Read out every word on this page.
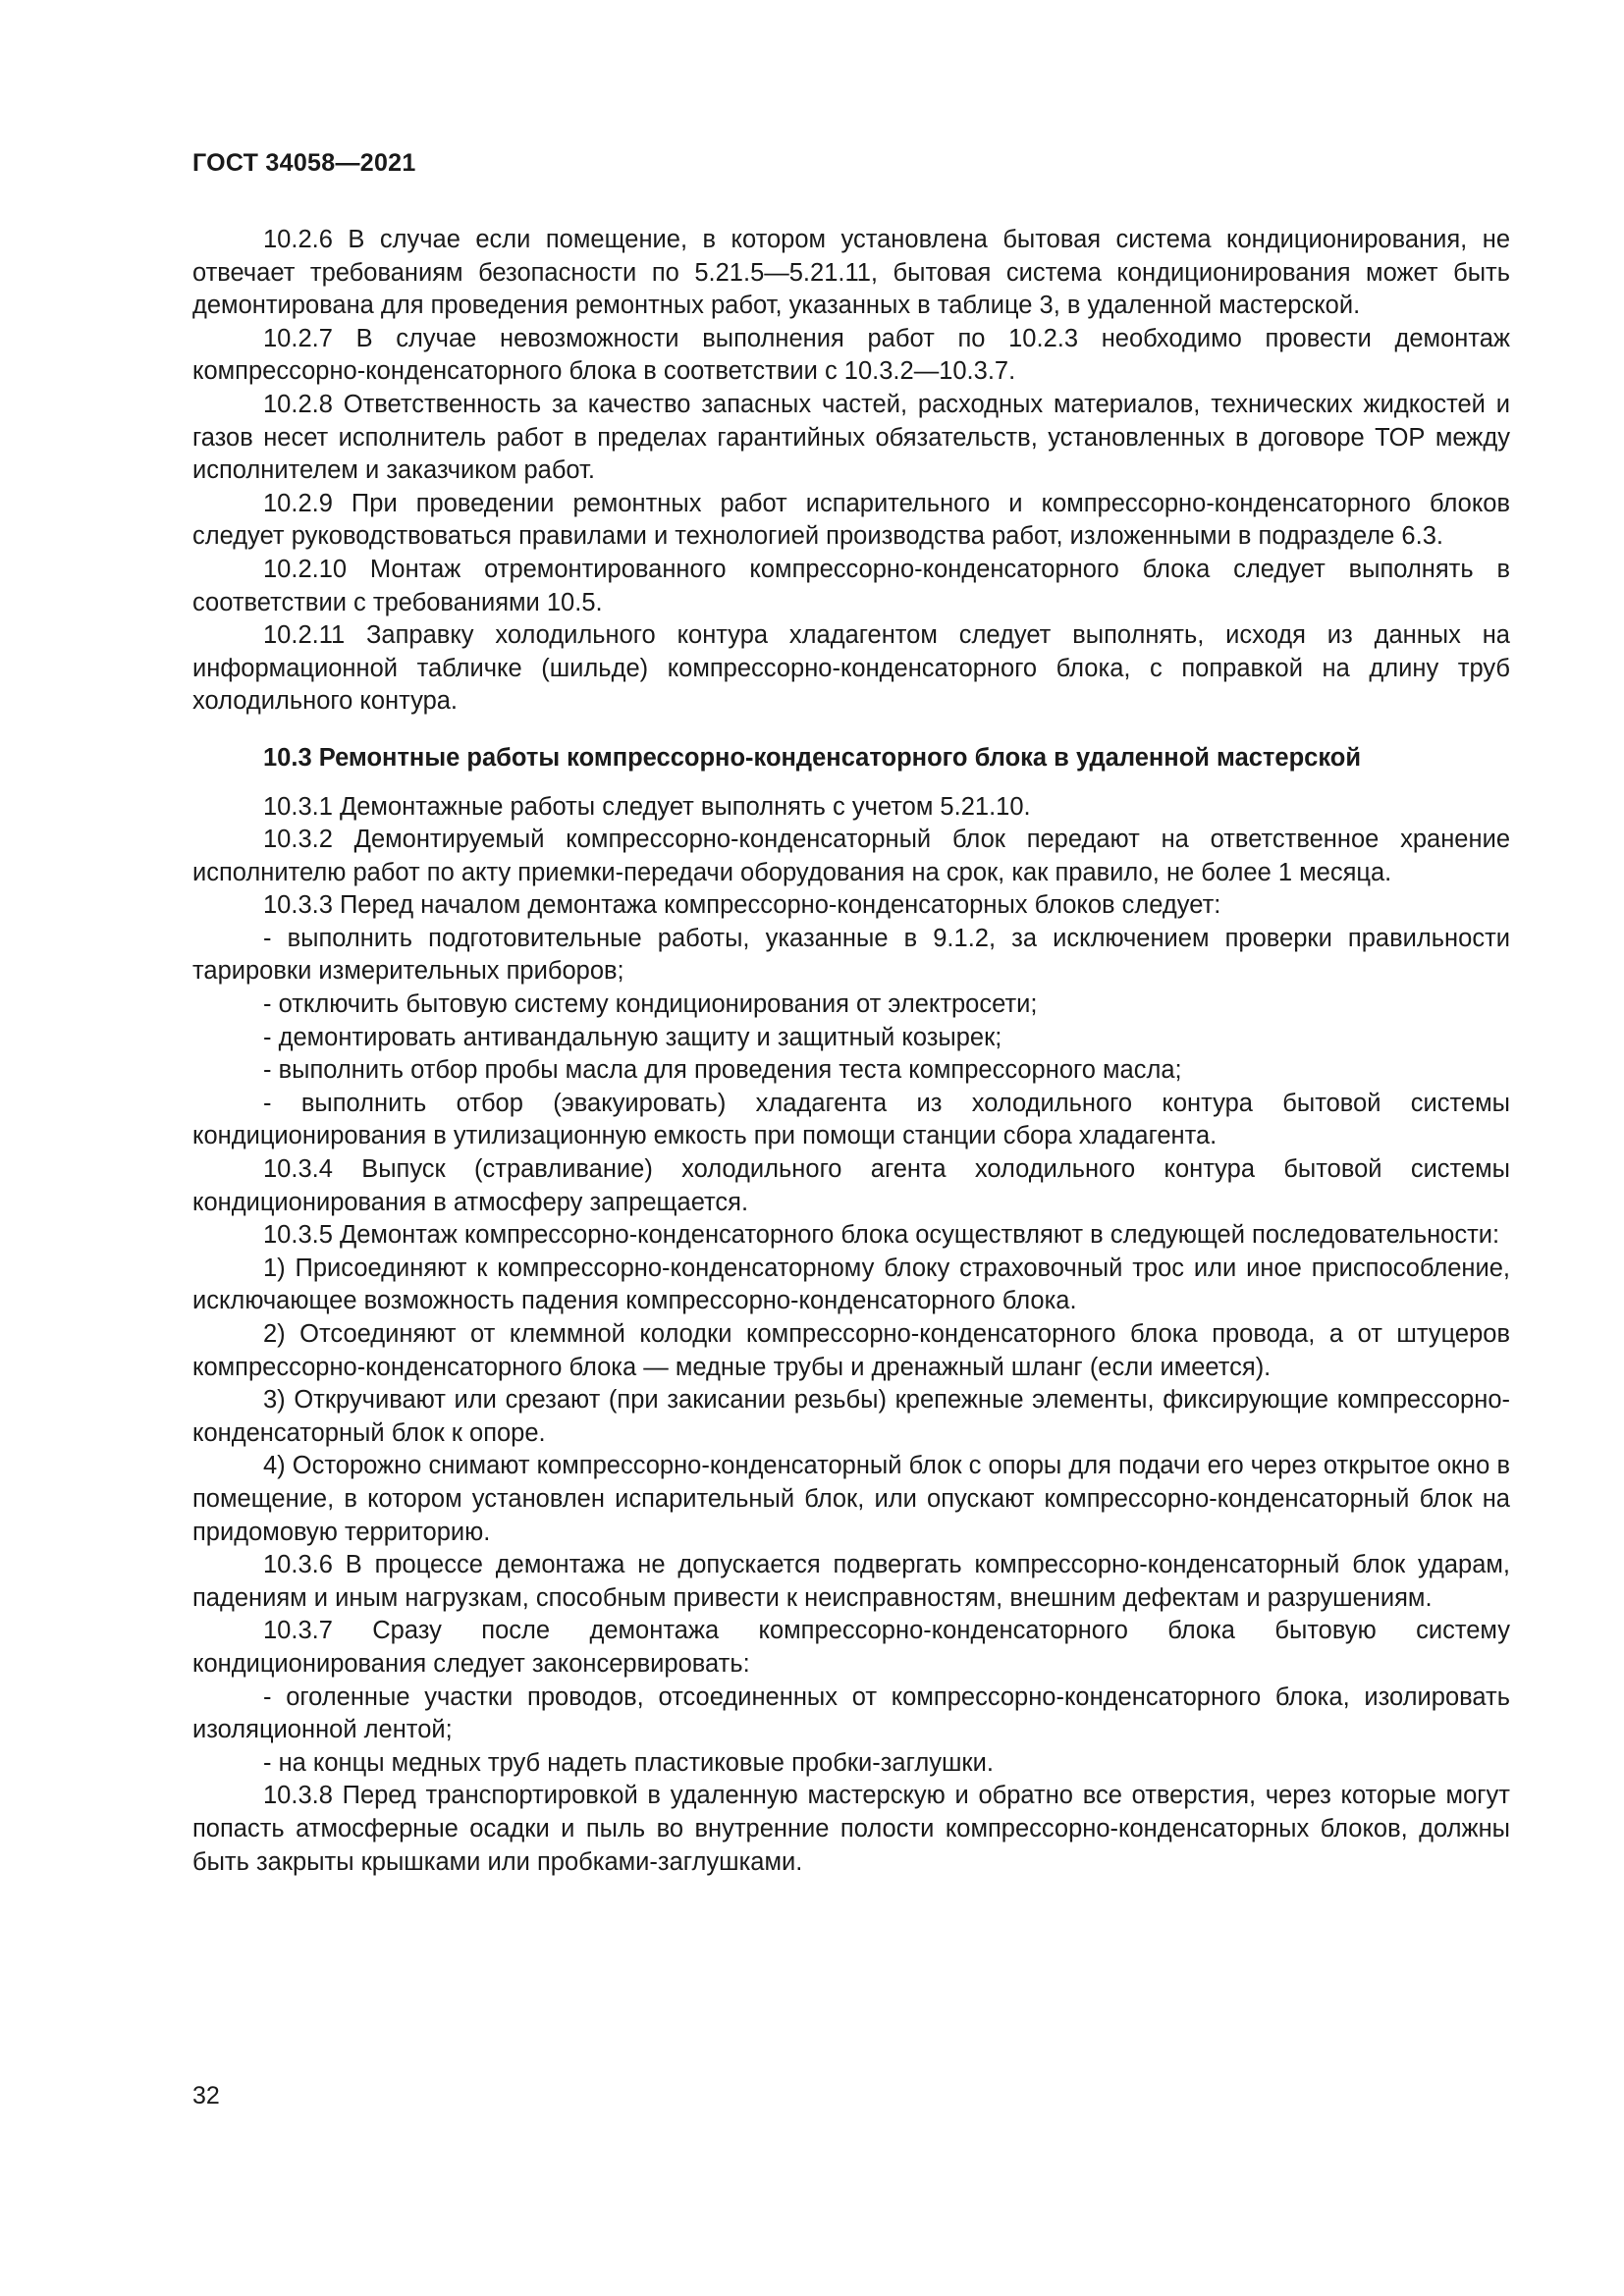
ГОСТ 34058—2021

10.2.6 В случае если помещение, в котором установлена бытовая система кондиционирования, не отвечает требованиям безопасности по 5.21.5—5.21.11, бытовая система кондиционирования может быть демонтирована для проведения ремонтных работ, указанных в таблице 3, в удаленной мастерской.

10.2.7 В случае невозможности выполнения работ по 10.2.3 необходимо провести демонтаж компрессорно-конденсаторного блока в соответствии с 10.3.2—10.3.7.

10.2.8 Ответственность за качество запасных частей, расходных материалов, технических жидкостей и газов несет исполнитель работ в пределах гарантийных обязательств, установленных в договоре ТОР между исполнителем и заказчиком работ.

10.2.9 При проведении ремонтных работ испарительного и компрессорно-конденсаторного блоков следует руководствоваться правилами и технологией производства работ, изложенными в подразделе 6.3.

10.2.10 Монтаж отремонтированного компрессорно-конденсаторного блока следует выполнять в соответствии с требованиями 10.5.

10.2.11 Заправку холодильного контура хладагентом следует выполнять, исходя из данных на информационной табличке (шильде) компрессорно-конденсаторного блока, с поправкой на длину труб холодильного контура.

10.3 Ремонтные работы компрессорно-конденсаторного блока в удаленной мастерской

10.3.1 Демонтажные работы следует выполнять с учетом 5.21.10.

10.3.2 Демонтируемый компрессорно-конденсаторный блок передают на ответственное хранение исполнителю работ по акту приемки-передачи оборудования на срок, как правило, не более 1 месяца.

10.3.3 Перед началом демонтажа компрессорно-конденсаторных блоков следует:

- выполнить подготовительные работы, указанные в 9.1.2, за исключением проверки правильности тарировки измерительных приборов;

- отключить бытовую систему кондиционирования от электросети;

- демонтировать антивандальную защиту и защитный козырек;

- выполнить отбор пробы масла для проведения теста компрессорного масла;

- выполнить отбор (эвакуировать) хладагента из холодильного контура бытовой системы кондиционирования в утилизационную емкость при помощи станции сбора хладагента.

10.3.4 Выпуск (стравливание) холодильного агента холодильного контура бытовой системы кондиционирования в атмосферу запрещается.

10.3.5 Демонтаж компрессорно-конденсаторного блока осуществляют в следующей последовательности:

1) Присоединяют к компрессорно-конденсаторному блоку страховочный трос или иное приспособление, исключающее возможность падения компрессорно-конденсаторного блока.

2) Отсоединяют от клеммной колодки компрессорно-конденсаторного блока провода, а от штуцеров компрессорно-конденсаторного блока — медные трубы и дренажный шланг (если имеется).

3) Откручивают или срезают (при закисании резьбы) крепежные элементы, фиксирующие компрессорно-конденсаторный блок к опоре.

4) Осторожно снимают компрессорно-конденсаторный блок с опоры для подачи его через открытое окно в помещение, в котором установлен испарительный блок, или опускают компрессорно-конденсаторный блок на придомовую территорию.

10.3.6 В процессе демонтажа не допускается подвергать компрессорно-конденсаторный блок ударам, падениям и иным нагрузкам, способным привести к неисправностям, внешним дефектам и разрушениям.

10.3.7 Сразу после демонтажа компрессорно-конденсаторного блока бытовую систему кондиционирования следует законсервировать:

- оголенные участки проводов, отсоединенных от компрессорно-конденсаторного блока, изолировать изоляционной лентой;

- на концы медных труб надеть пластиковые пробки-заглушки.

10.3.8 Перед транспортировкой в удаленную мастерскую и обратно все отверстия, через которые могут попасть атмосферные осадки и пыль во внутренние полости компрессорно-конденсаторных блоков, должны быть закрыты крышками или пробками-заглушками.

32
